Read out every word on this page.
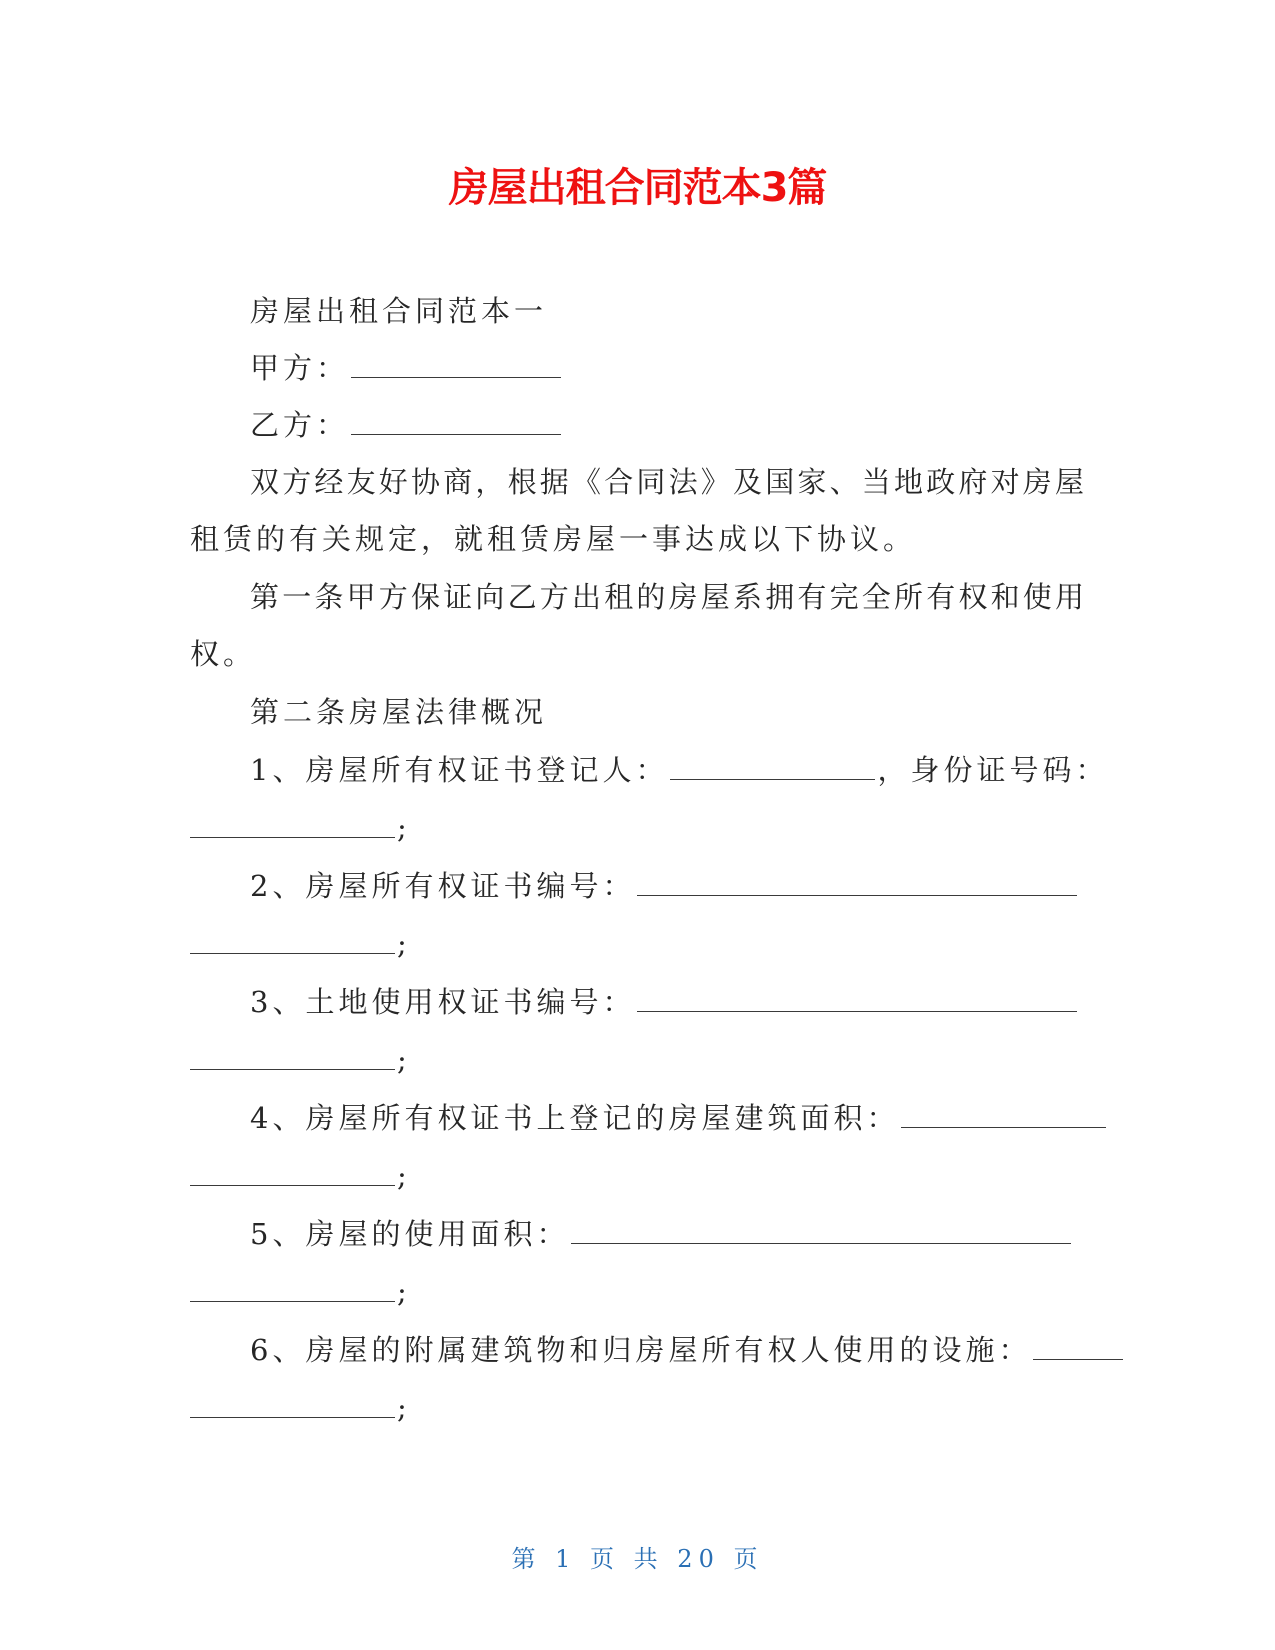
房屋出租合同范本3篇
房屋出租合同范本一
甲方：
乙方：
双方经友好协商，根据《合同法》及国家、当地政府对房屋
租赁的有关规定，就租赁房屋一事达成以下协议。
第一条甲方保证向乙方出租的房屋系拥有完全所有权和使用
权。
第二条房屋法律概况
1、房屋所有权证书登记人：	，身份证号码：
;
2、房屋所有权证书编号：
;
3、土地使用权证书编号：
;
4、房屋所有权证书上登记的房屋建筑面积：
;
5、房屋的使用面积：
;
6、房屋的附属建筑物和归房屋所有权人使用的设施：
;
第 1 页 共 20 页
